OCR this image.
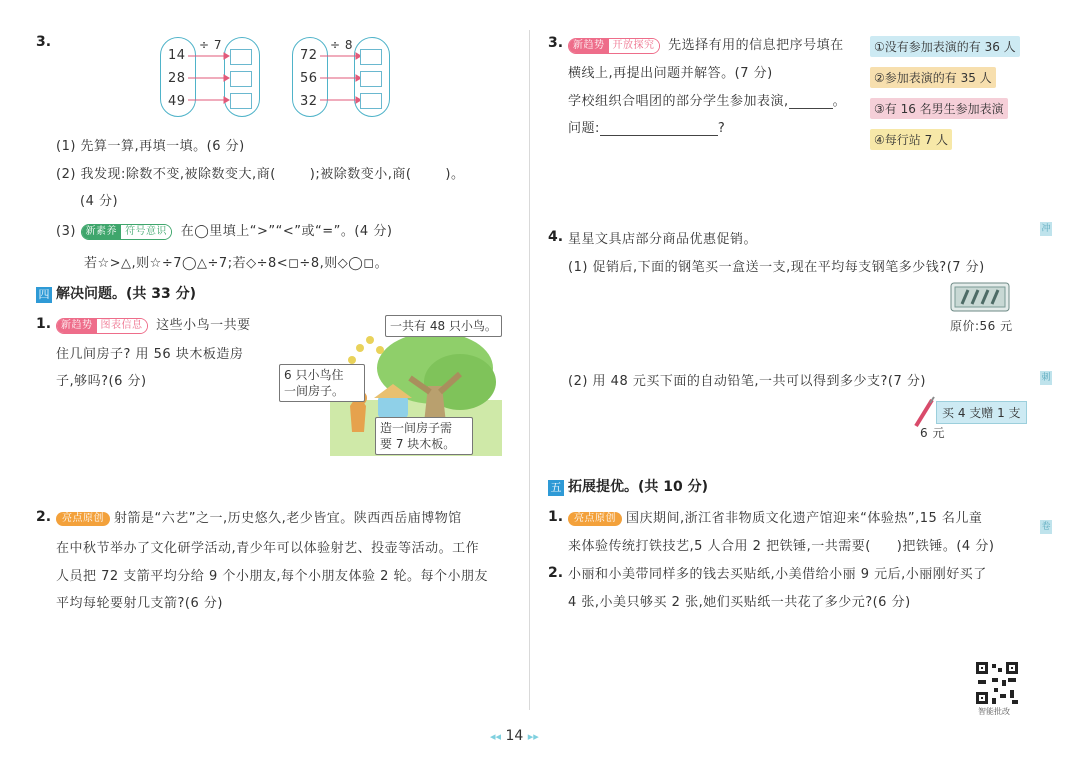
3.	÷ 7
14
28
49
÷ 8
72
56
32
(1) 先算一算,再填一填。(6 分)
(2) 我发现:除数不变,被除数变大,商(	);被除数变小,商(	)。
(4 分)
(3) 新素养 符号意识 在◯里填上“>”“<”或“=”。(4 分)
若☆>△,则☆÷7◯△÷7;若◇÷8<◻÷8,则◇◯◻。
四 解决问题。(共 33 分)
1. 新趋势 图表信息 这些小鸟一共要
住几间房子? 用 56 块木板造房
子,够吗?(6 分)
一共有 48 只小鸟。
6 只小鸟住
一间房子。
造一间房子需
要 7 块木板。
2.	亮点原创 射箭是“六艺”之一,历史悠久,老少皆宜。陕西西岳庙博物馆
在中秋节举办了文化研学活动,青少年可以体验射艺、投壶等活动。工作
人员把 72 支箭平均分给 9 个小朋友,每个小朋友体验 2 轮。每个小朋友
平均每轮要射几支箭?(6 分)
3. 新趋势 开放探究 先选择有用的信息把序号填在
横线上,再提出问题并解答。(7 分)
学校组织合唱团的部分学生参加表演,	。
问题:	?
①没有参加表演的有 36 人
②参加表演的有 35 人
③有 16 名男生参加表演
④每行站 7 人
4. 星星文具店部分商品优惠促销。
(1) 促销后,下面的钢笔买一盒送一支,现在平均每支钢笔多少钱?(7 分)
原价:56 元
(2) 用 48 元买下面的自动铅笔,一共可以得到多少支?(7 分)
买 4 支赠 1 支
6 元
五 拓展提优。(共 10 分)
1.	亮点原创 国庆期间,浙江省非物质文化遗产馆迎来“体验热”,15 名儿童
来体验传统打铁技艺,5 人合用 2 把铁锤,一共需要( )把铁锤。(4 分)
2. 小丽和小美带同样多的钱去买贴纸,小美借给小丽 9 元后,小丽刚好买了
4 张,小美只够买 2 张,她们买贴纸一共花了多少元?(6 分)
智能批改
冲
刺
卷
◂◂ 14 ▸▸
